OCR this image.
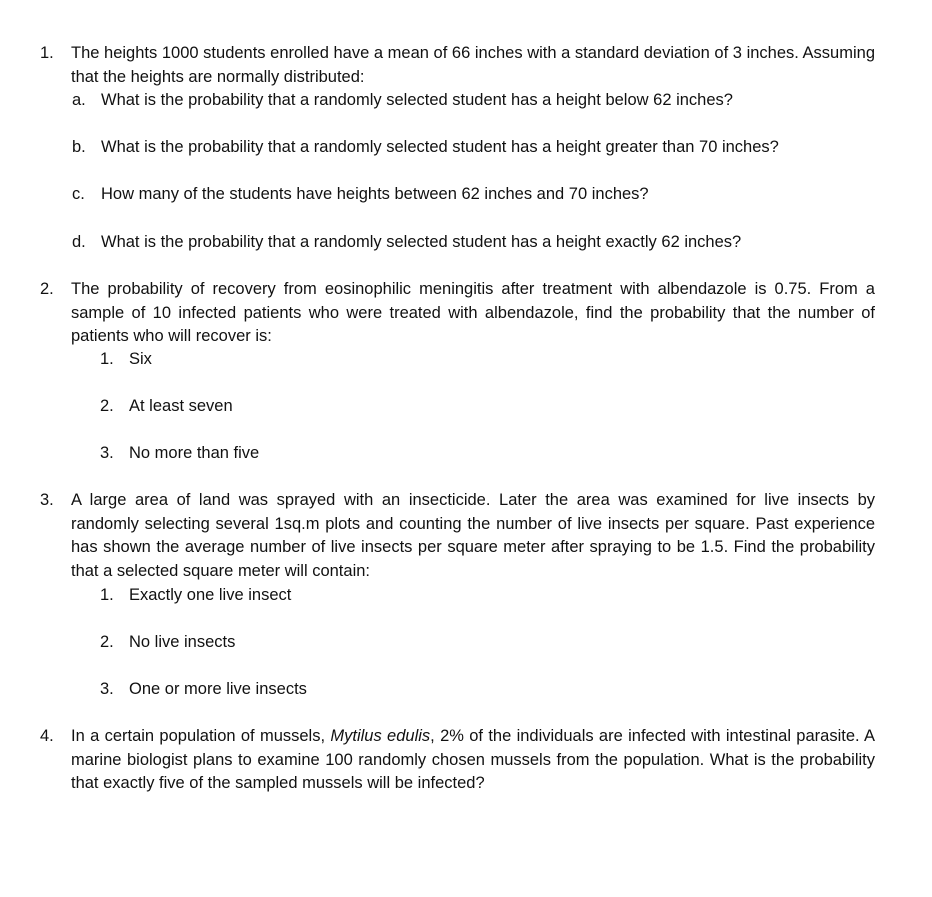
1. The heights 1000 students enrolled have a mean of 66 inches with a standard deviation of 3 inches. Assuming that the heights are normally distributed:
a. What is the probability that a randomly selected student has a height below 62 inches?
b. What is the probability that a randomly selected student has a height greater than 70 inches?
c. How many of the students have heights between 62 inches and 70 inches?
d. What is the probability that a randomly selected student has a height exactly 62 inches?
2. The probability of recovery from eosinophilic meningitis after treatment with albendazole is 0.75. From a sample of 10 infected patients who were treated with albendazole, find the probability that the number of patients who will recover is:
1. Six
2. At least seven
3. No more than five
3. A large area of land was sprayed with an insecticide. Later the area was examined for live insects by randomly selecting several 1sq.m plots and counting the number of live insects per square. Past experience has shown the average number of live insects per square meter after spraying to be 1.5. Find the probability that a selected square meter will contain:
1. Exactly one live insect
2. No live insects
3. One or more live insects
4. In a certain population of mussels, Mytilus edulis, 2% of the individuals are infected with intestinal parasite. A marine biologist plans to examine 100 randomly chosen mussels from the population. What is the probability that exactly five of the sampled mussels will be infected?
